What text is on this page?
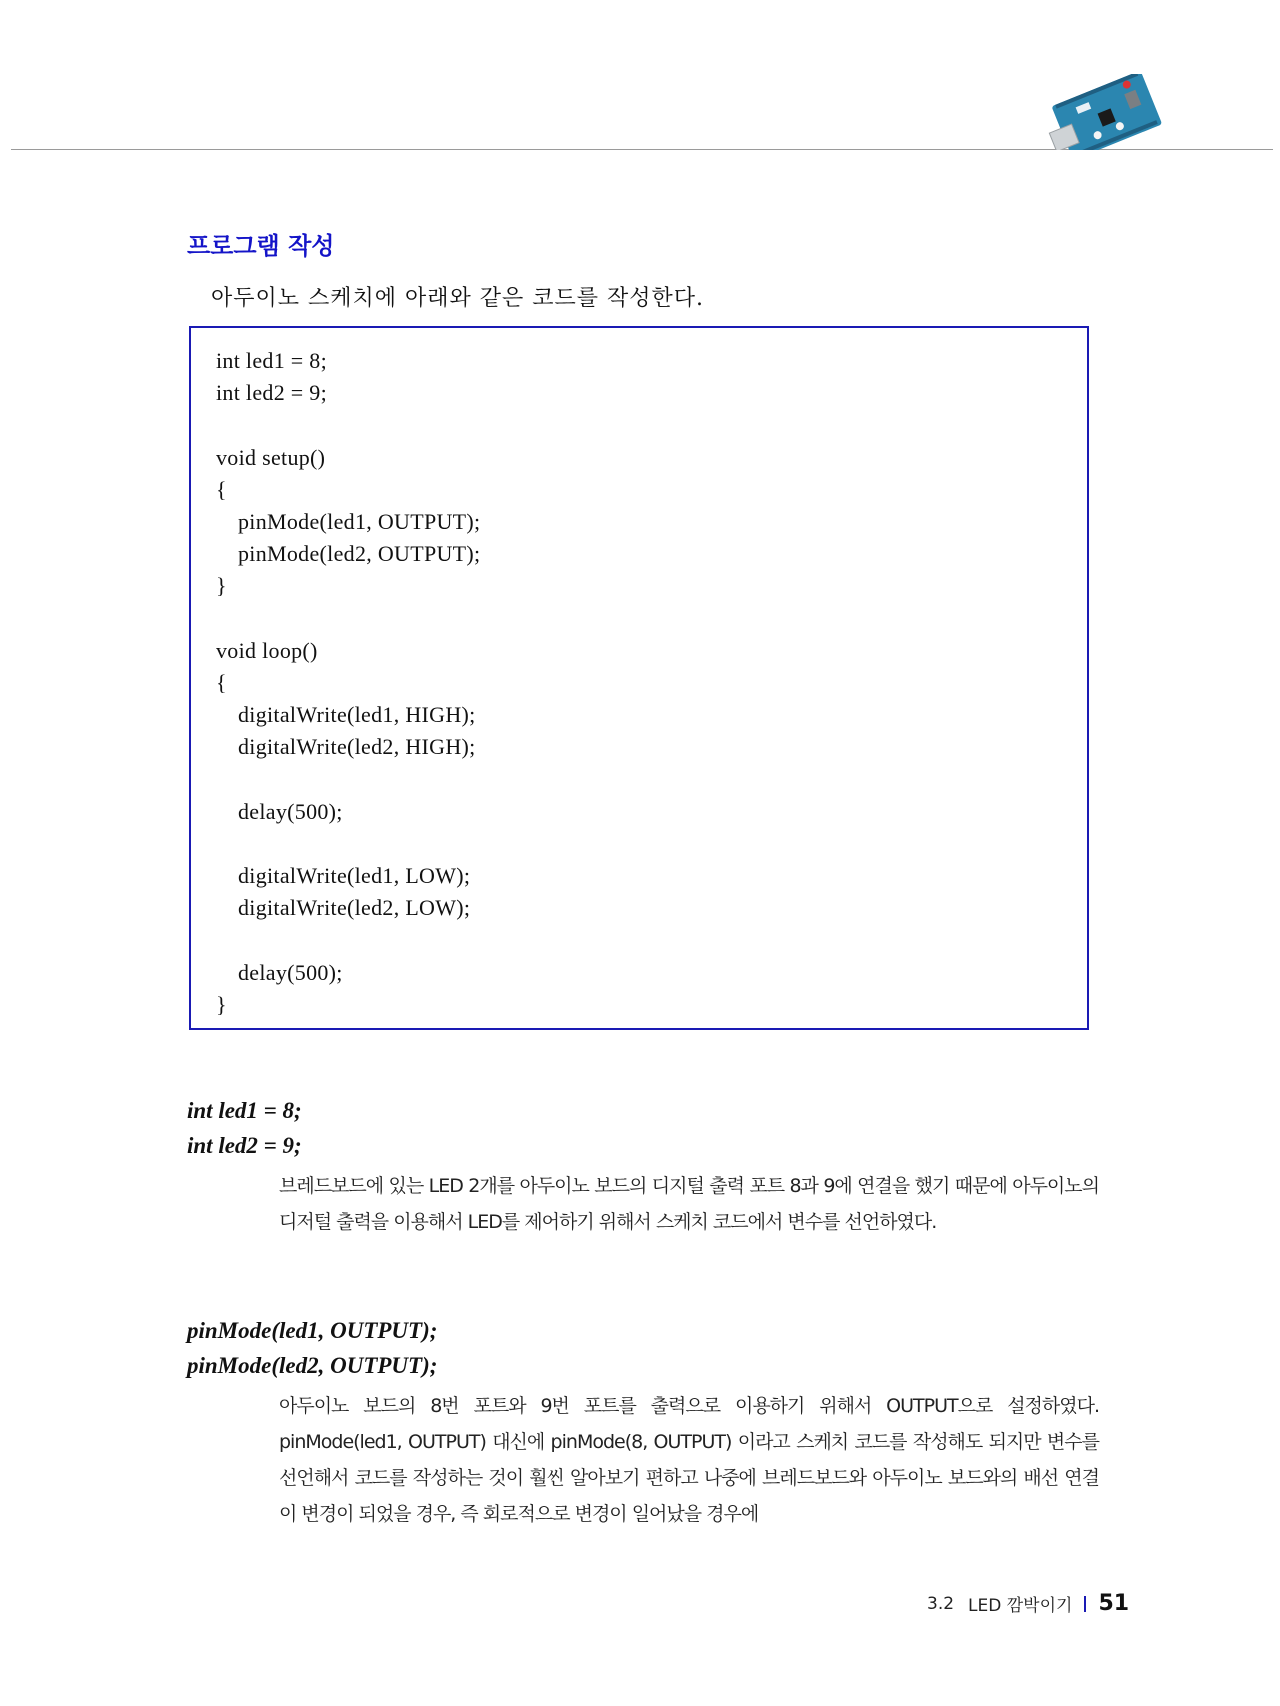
프로그램 작성
아두이노 스케치에 아래와 같은 코드를 작성한다.
int led1 = 8;
int led2 = 9;
void setup()
{
pinMode(led1, OUTPUT);
pinMode(led2, OUTPUT);
}
void loop()
{
digitalWrite(led1, HIGH);
digitalWrite(led2, HIGH);
delay(500);
digitalWrite(led1, LOW);
digitalWrite(led2, LOW);
delay(500);
}
int led1 = 8;
int led2 = 9;
브레드보드에 있는 LED 2개를 아두이노 보드의 디지털 출력 포트 8과 9에 연결을 했기 때문에 아두이노의 디저털 출력을 이용해서 LED를 제어하기 위해서 스케치 코드에서 변수를 선언하였다.
pinMode(led1, OUTPUT);
pinMode(led2, OUTPUT);
아두이노 보드의 8번 포트와 9번 포트를 출력으로 이용하기 위해서 OUTPUT으로 설정하였다. pinMode(led1, OUTPUT) 대신에 pinMode(8, OUTPUT) 이라고 스케치 코드를 작성해도 되지만 변수를 선언해서 코드를 작성하는 것이 훨씬 알아보기 편하고 나중에 브레드보드와 아두이노 보드와의 배선 연결이 변경이 되었을 경우, 즉 회로적으로 변경이 일어났을 경우에
3.2 LED 깜박이기 51
